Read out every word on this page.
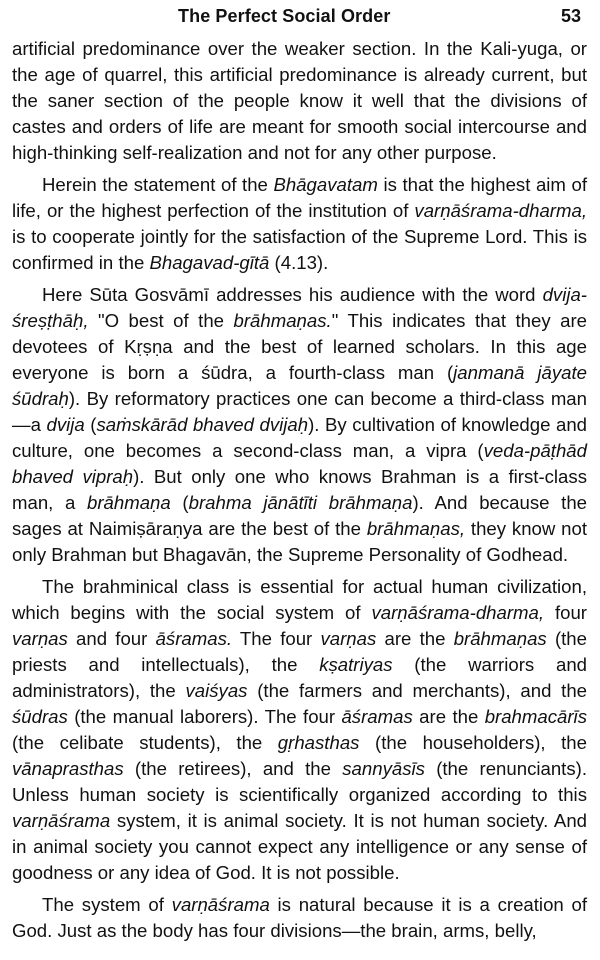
The Perfect Social Order	53

artificial predominance over the weaker section. In the Kali-yuga, or the age of quarrel, this artificial predominance is already current, but the saner section of the people know it well that the divisions of castes and orders of life are meant for smooth social intercourse and high-thinking self-realization and not for any other purpose.

Herein the statement of the Bhāgavatam is that the highest aim of life, or the highest perfection of the institution of varṇāśrama-dharma, is to cooperate jointly for the satisfaction of the Supreme Lord. This is confirmed in the Bhagavad-gītā (4.13).

Here Sūta Gosvāmī addresses his audience with the word dvija-śreṣṭhāḥ, "O best of the brāhmaṇas." This indicates that they are devotees of Kṛṣṇa and the best of learned scholars. In this age everyone is born a śūdra, a fourth-class man (janmanā jāyate śūdraḥ). By reformatory practices one can become a third-class man—a dvija (saṁskārād bhaved dvijaḥ). By cultivation of knowledge and culture, one becomes a second-class man, a vipra (veda-pāṭhād bhaved vipraḥ). But only one who knows Brahman is a first-class man, a brāhmaṇa (brahma jānātīti brāhmaṇa). And because the sages at Naimiṣāraṇya are the best of the brāhmaṇas, they know not only Brahman but Bhagavān, the Supreme Personality of Godhead.

The brahminical class is essential for actual human civilization, which begins with the social system of varṇāśrama-dharma, four varṇas and four āśramas. The four varṇas are the brāhmaṇas (the priests and intellectuals), the kṣatriyas (the warriors and administrators), the vaiśyas (the farmers and merchants), and the śūdras (the manual laborers). The four āśramas are the brahmacārīs (the celibate students), the gṛhasthas (the householders), the vānaprasthas (the retirees), and the sannyāsīs (the renunciants). Unless human society is scientifically organized according to this varṇāśrama system, it is animal society. It is not human society. And in animal society you cannot expect any intelligence or any sense of goodness or any idea of God. It is not possible.

The system of varṇāśrama is natural because it is a creation of God. Just as the body has four divisions—the brain, arms, belly,
